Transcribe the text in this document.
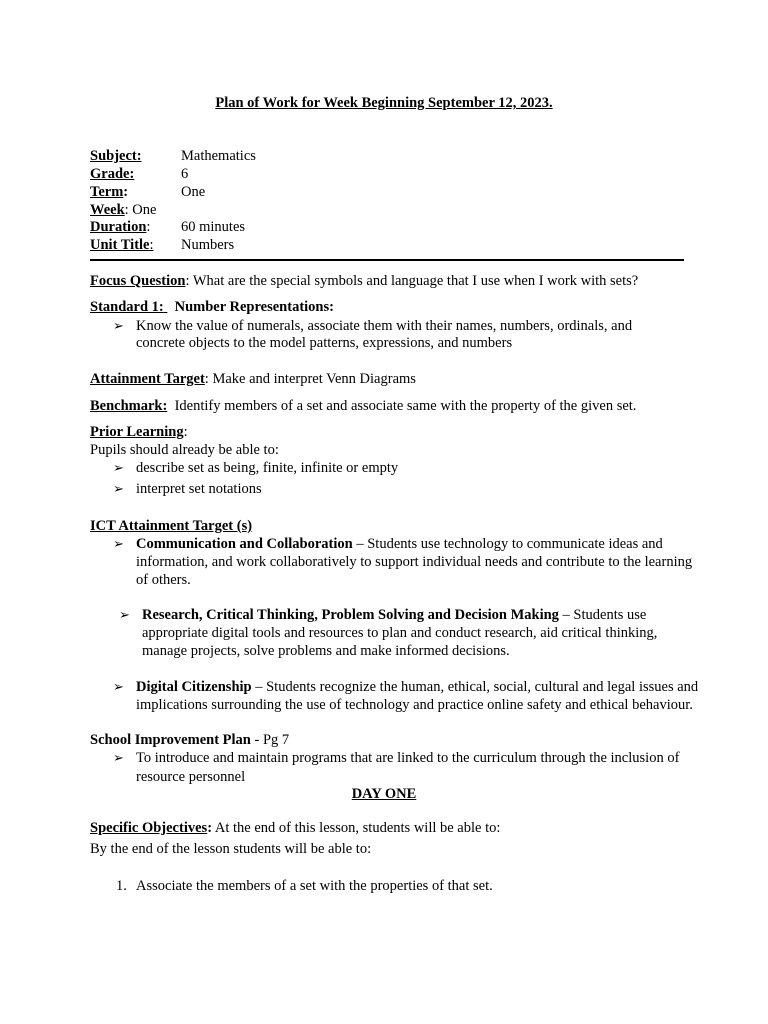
Plan of Work for Week Beginning September 12, 2023.
Subject:	Mathematics
Grade:	6
Term:	One
Week: One
Duration: 60 minutes
Unit Title: Numbers
Focus Question: What are the special symbols and language that I use when I work with sets?
Standard 1: Number Representations:
➢ Know the value of numerals, associate them with their names, numbers, ordinals, and
concrete objects to the model patterns, expressions, and numbers
Attainment Target: Make and interpret Venn Diagrams
Benchmark: Identify members of a set and associate same with the property of the given set.
Prior Learning:
Pupils should already be able to:
➢ describe set as being, finite, infinite or empty
➢ interpret set notations
ICT Attainment Target (s)
➢ Communication and Collaboration – Students use technology to communicate ideas and
information, and work collaboratively to support individual needs and contribute to the learning
of others.
➢ Research, Critical Thinking, Problem Solving and Decision Making – Students use
appropriate digital tools and resources to plan and conduct research, aid critical thinking,
manage projects, solve problems and make informed decisions.
➢ Digital Citizenship – Students recognize the human, ethical, social, cultural and legal issues and
implications surrounding the use of technology and practice online safety and ethical behaviour.
School Improvement Plan - Pg 7
➢ To introduce and maintain programs that are linked to the curriculum through the inclusion of
resource personnel
DAY ONE
Specific Objectives: At the end of this lesson, students will be able to:
By the end of the lesson students will be able to:
1. Associate the members of a set with the properties of that set.
